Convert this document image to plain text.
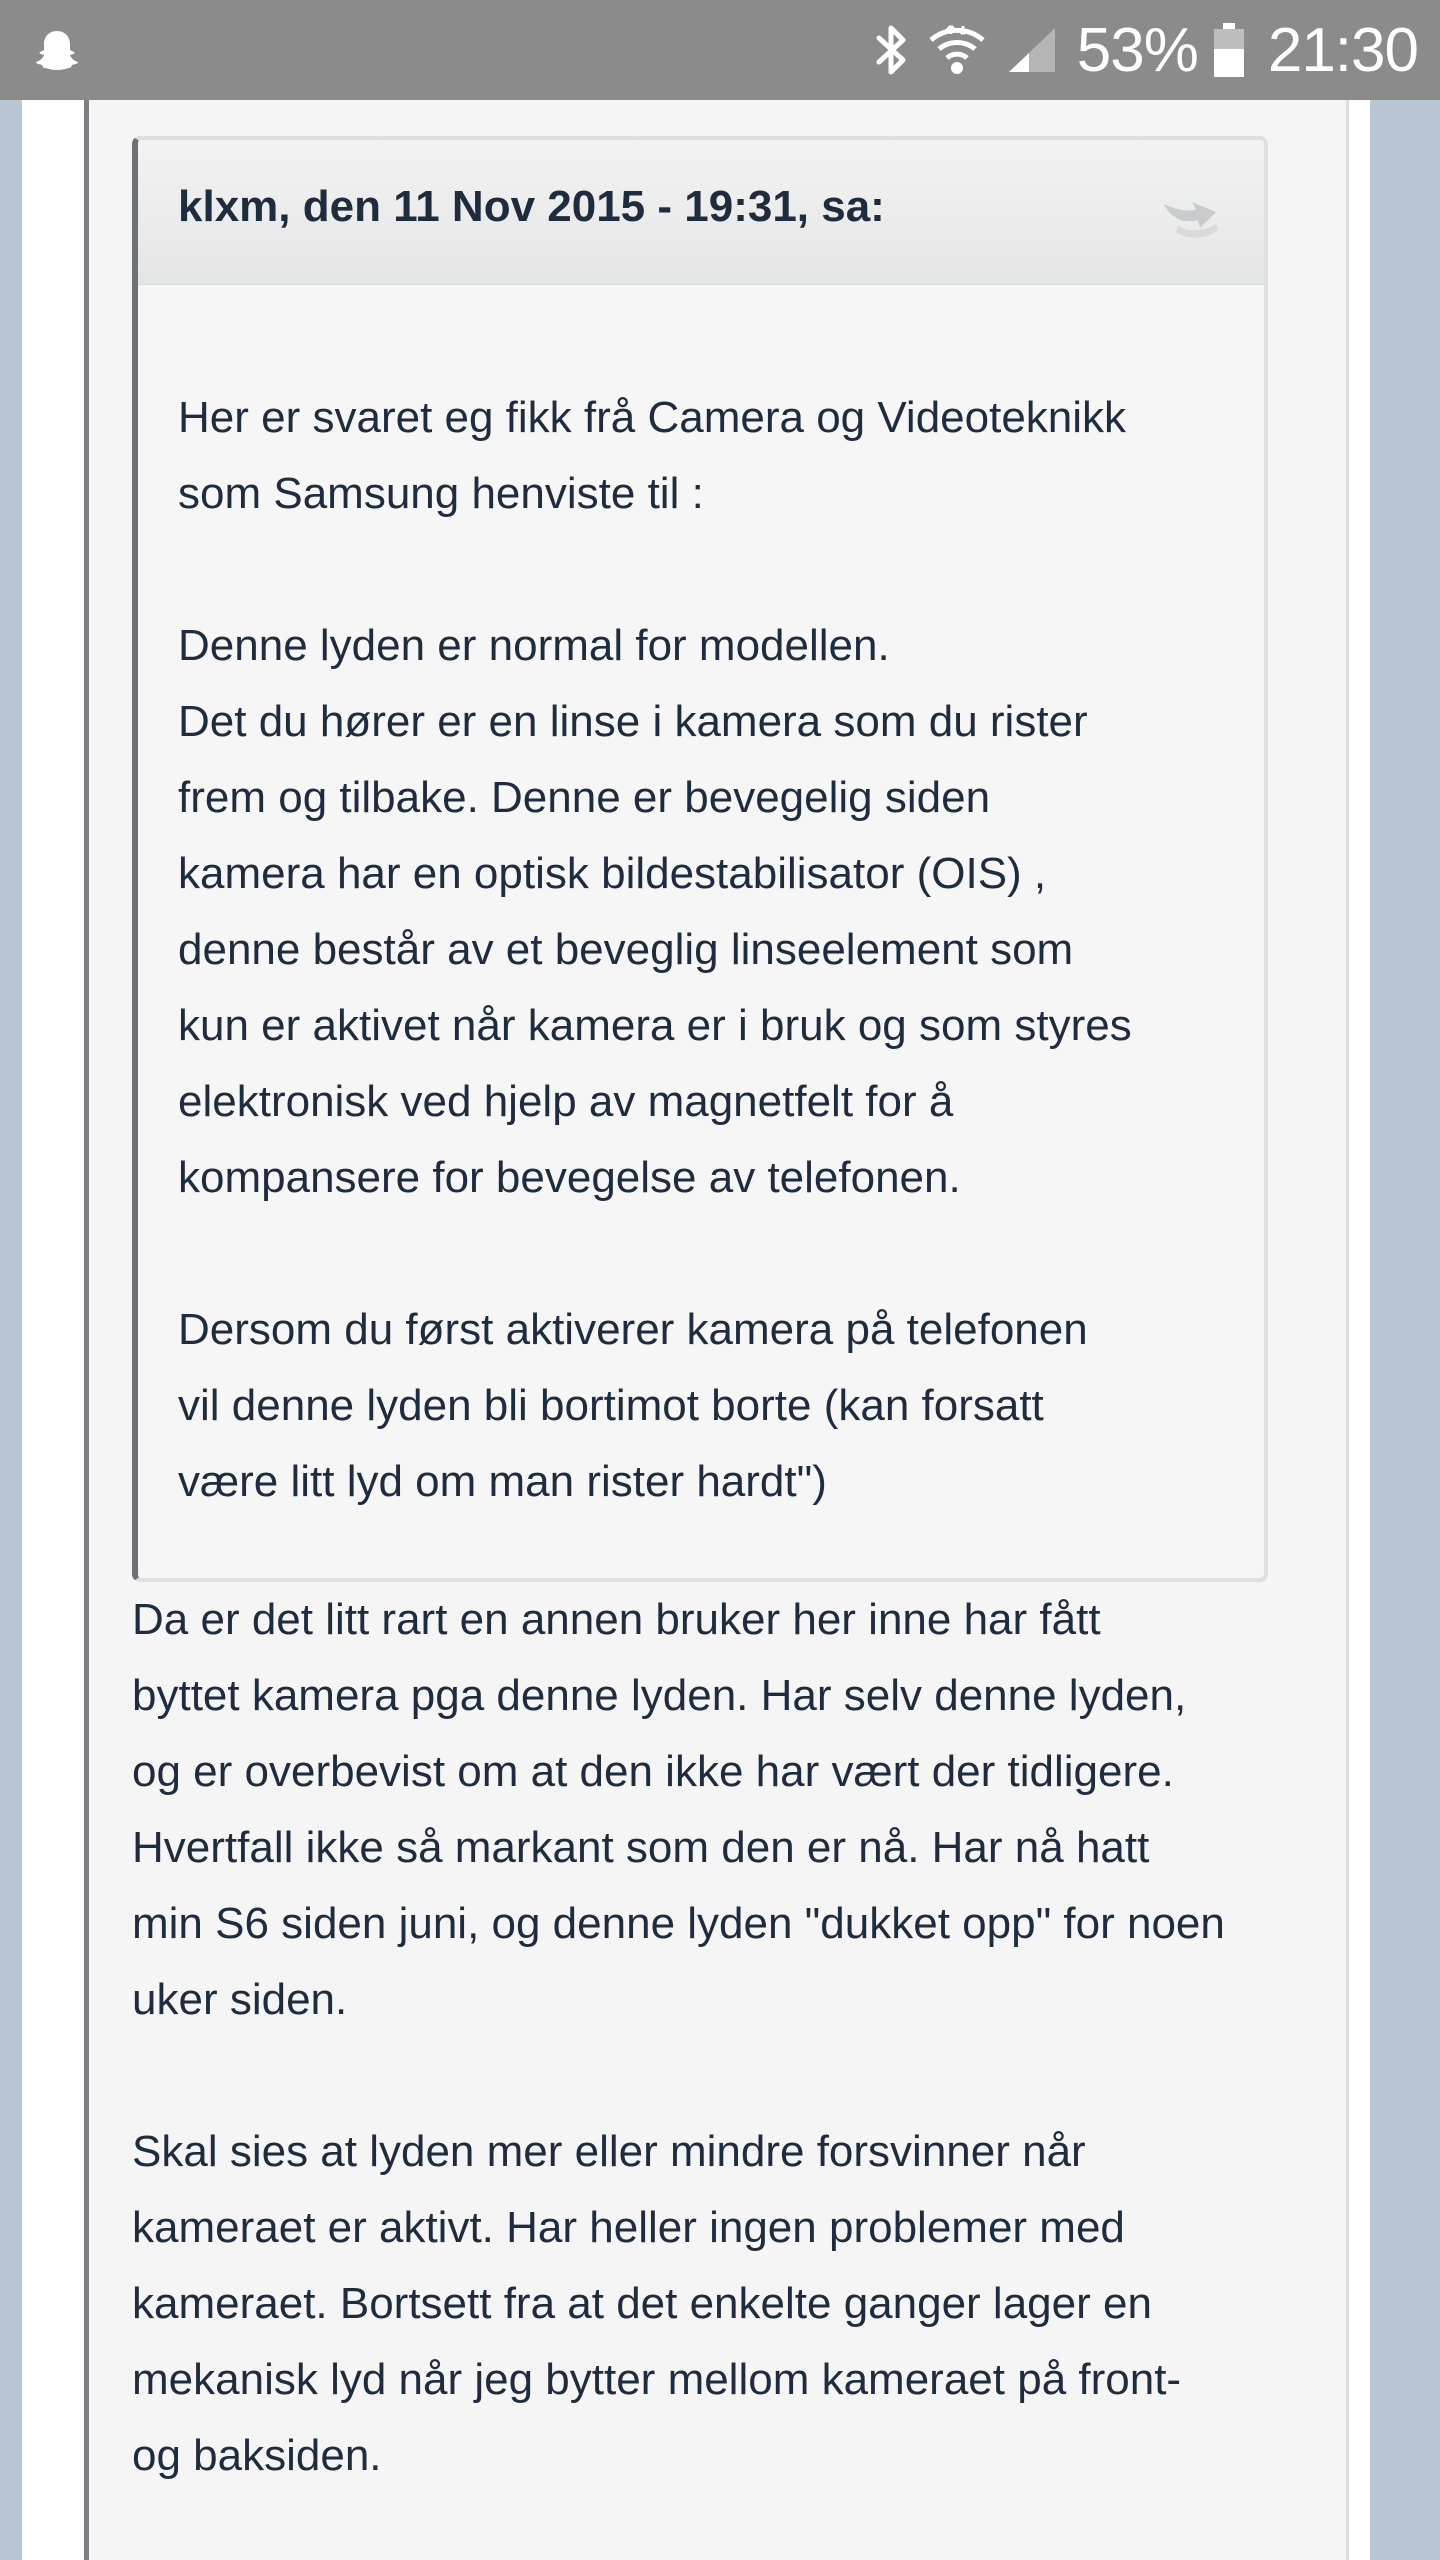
53% 21:30
klxm, den 11 Nov 2015 - 19:31, sa:

Her er svaret eg fikk frå Camera og Videoteknikk
som Samsung henviste til :

Denne lyden er normal for modellen.
Det du hører er en linse i kamera som du rister
frem og tilbake. Denne er bevegelig siden
kamera har en optisk bildestabilisator (OIS) ,
denne består av et beveglig linseelement som
kun er aktivet når kamera er i bruk og som styres
elektronisk ved hjelp av magnetfelt for å
kompansere for bevegelse av telefonen.

Dersom du først aktiverer kamera på telefonen
vil denne lyden bli bortimot borte (kan forsatt
være litt lyd om man rister hardt")

Da er det litt rart en annen bruker her inne har fått
byttet kamera pga denne lyden. Har selv denne lyden,
og er overbevist om at den ikke har vært der tidligere.
Hvertfall ikke så markant som den er nå. Har nå hatt
min S6 siden juni, og denne lyden "dukket opp" for noen
uker siden.

Skal sies at lyden mer eller mindre forsvinner når
kameraet er aktivt. Har heller ingen problemer med
kameraet. Bortsett fra at det enkelte ganger lager en
mekanisk lyd når jeg bytter mellom kameraet på front-
og baksiden.
